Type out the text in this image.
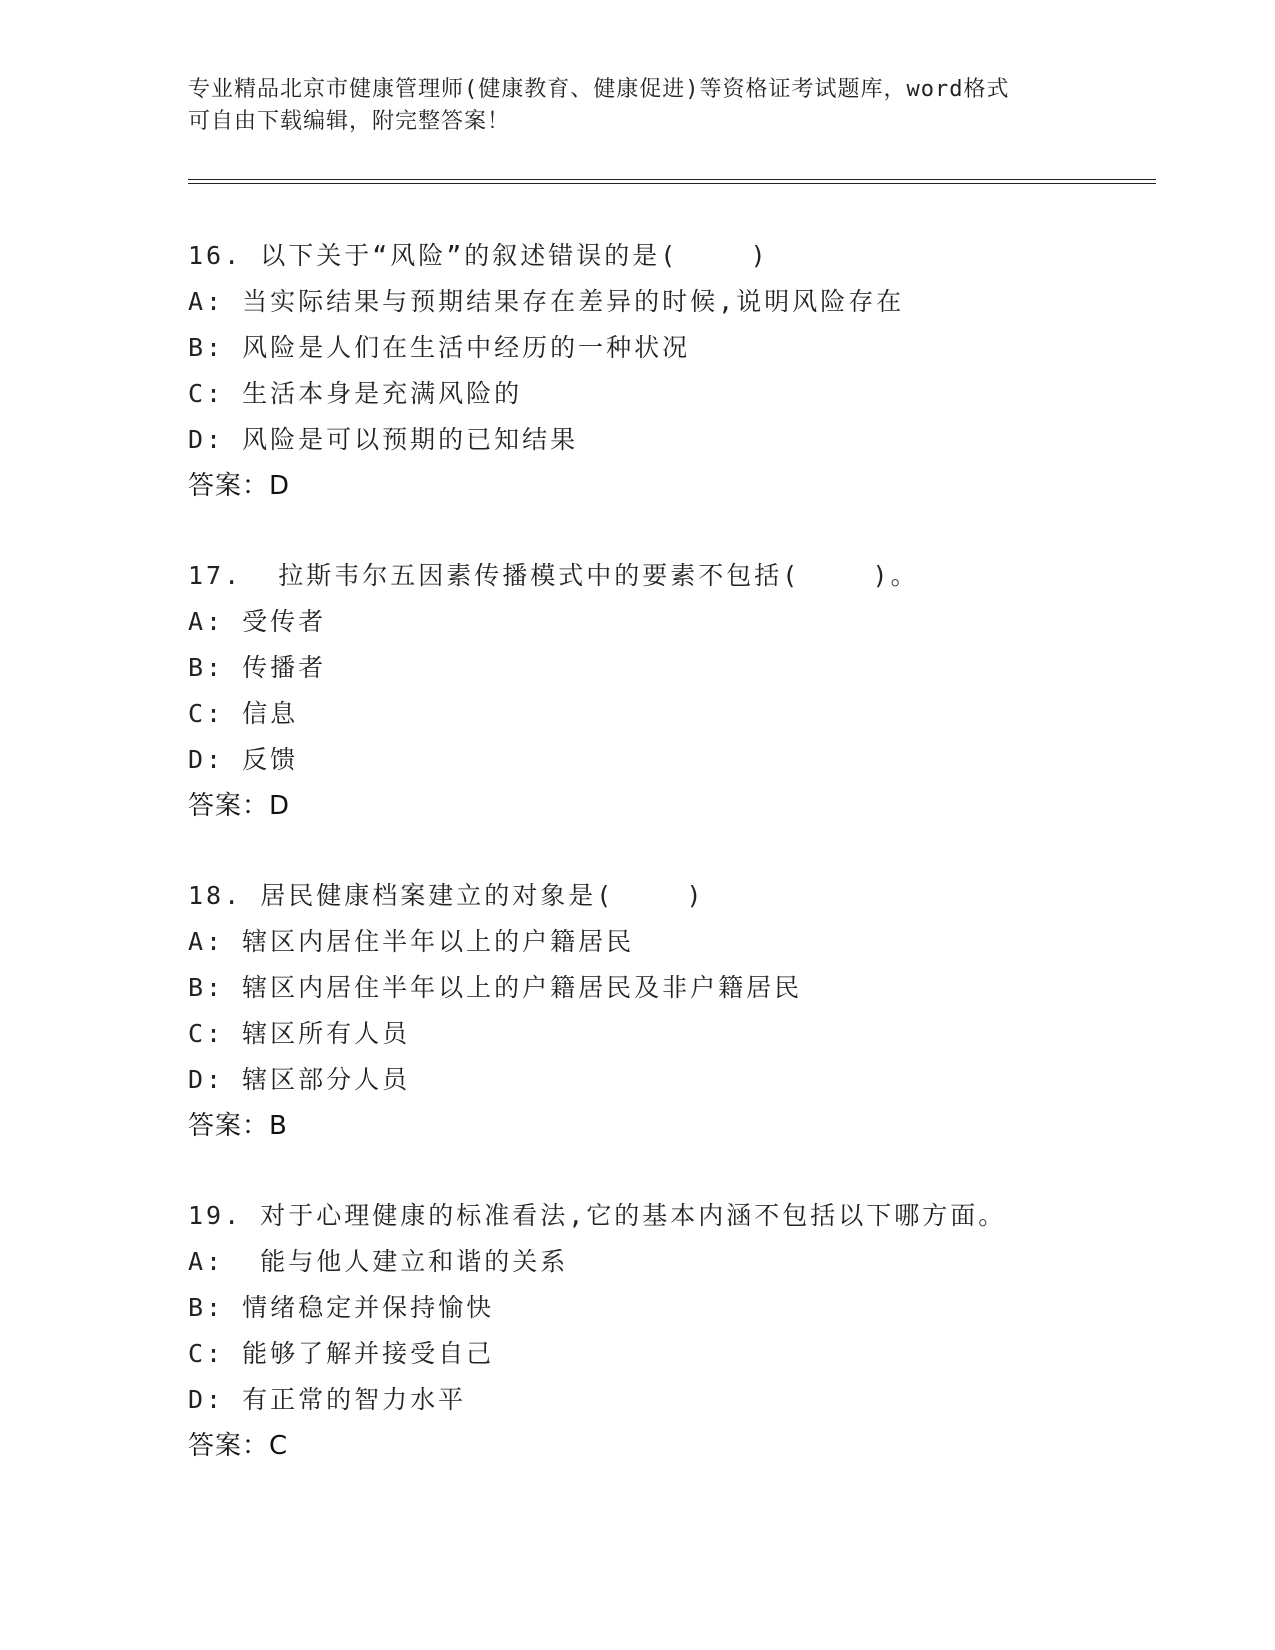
专业精品北京市健康管理师(健康教育、健康促进)等资格证考试题库，word格式
可自由下载编辑，附完整答案！
16. 以下关于“风险”的叙述错误的是(    )
A: 当实际结果与预期结果存在差异的时候,说明风险存在
B: 风险是人们在生活中经历的一种状况
C: 生活本身是充满风险的
D: 风险是可以预期的已知结果
答案：D
17.  拉斯韦尔五因素传播模式中的要素不包括(    )。
A: 受传者
B: 传播者
C: 信息
D: 反馈
答案：D
18. 居民健康档案建立的对象是(    )
A: 辖区内居住半年以上的户籍居民
B: 辖区内居住半年以上的户籍居民及非户籍居民
C: 辖区所有人员
D: 辖区部分人员
答案：B
19. 对于心理健康的标准看法,它的基本内涵不包括以下哪方面。
A:  能与他人建立和谐的关系
B: 情绪稳定并保持愉快
C: 能够了解并接受自己
D: 有正常的智力水平
答案：C
